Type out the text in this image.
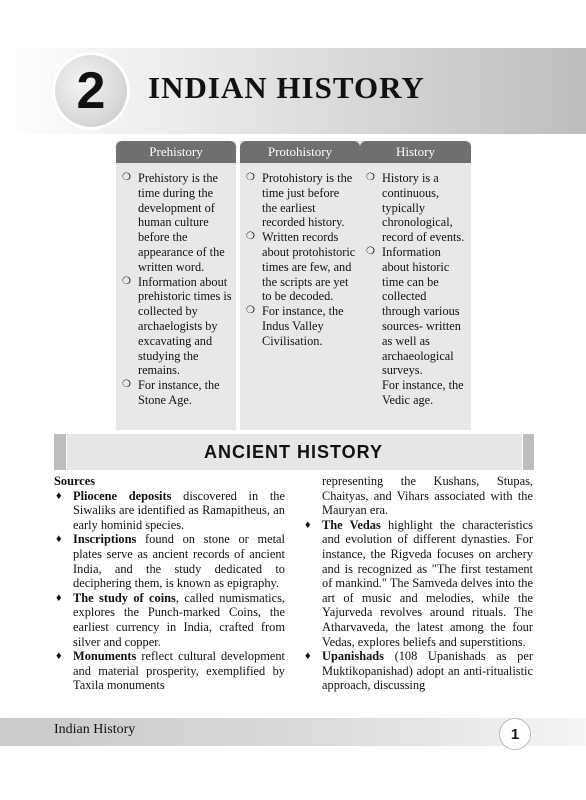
2 INDIAN HISTORY
Prehistory
❍ Prehistory is the time during the development of human culture before the appearance of the written word.
❍ Information about prehistoric times is collected by archaelogists by excavating and studying the remains.
❍ For instance, the Stone Age.
Protohistory
❍ Protohistory is the time just before the earliest recorded history.
❍ Written records about protohistoric times are few, and the scripts are yet to be decoded.
❍ For instance, the Indus Valley Civilisation.
History
❍ History is a continuous, typically chronological, record of events.
❍ Information about historic time can be collected through various sources- written as well as archaeological surveys.
For instance, the Vedic age.
ANCIENT HISTORY

Sources

♦ Pliocene deposits discovered in the Siwaliks are identified as Ramapitheus, an early hominid species.

♦ Inscriptions found on stone or metal plates serve as ancient records of ancient India, and the study dedicated to deciphering them, is known as epigraphy.

♦ The study of coins, called numismatics, explores the Punch-marked Coins, the earliest currency in India, crafted from silver and copper.

♦ Monuments reflect cultural development and material prosperity, exemplified by Taxila monuments

representing the Kushans, Stupas, Chaityas, and Vihars associated with the Mauryan era.

♦ The Vedas highlight the characteristics and evolution of different dynasties. For instance, the Rigveda focuses on archery and is recognized as "The first testament of mankind." The Samveda delves into the art of music and melodies, while the Yajurveda revolves around rituals. The Atharvaveda, the latest among the four Vedas, explores beliefs and superstitions.

♦ Upanishads (108 Upanishads as per Muktikopanishad) adopt an anti-ritualistic approach, discussing

Indian History	1
